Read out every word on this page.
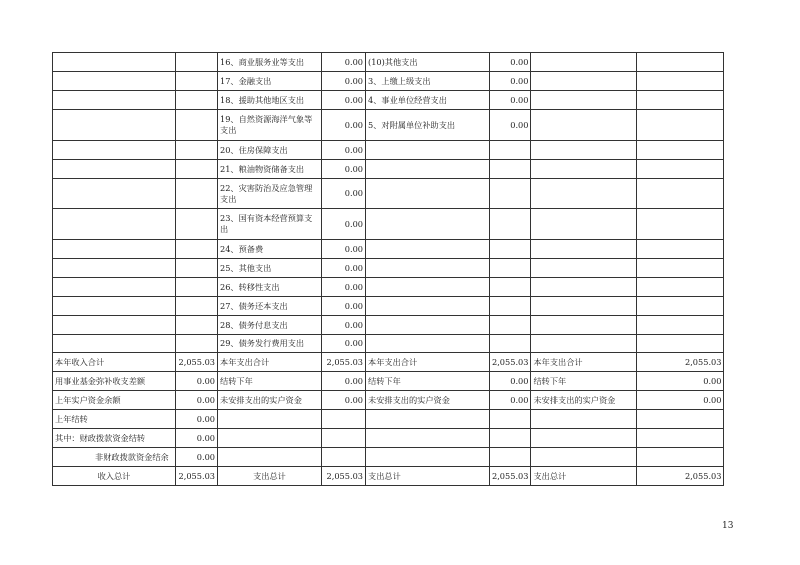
		16、商业服务业等支出	0.00	(10)其他支出	0.00		
		17、金融支出	0.00	3、上缴上级支出	0.00		
		18、援助其他地区支出	0.00	4、事业单位经营支出	0.00		
		19、自然资源海洋气象等支出	0.00	5、对附属单位补助支出	0.00		
		20、住房保障支出	0.00				
		21、粮油物资储备支出	0.00				
		22、灾害防治及应急管理支出	0.00				
		23、国有资本经营预算支出	0.00				
		24、预备费	0.00				
		25、其他支出	0.00				
		26、转移性支出	0.00				
		27、债务还本支出	0.00				
		28、债务付息支出	0.00				
		29、债务发行费用支出	0.00				
本年收入合计	2,055.03	本年支出合计	2,055.03	本年支出合计	2,055.03	本年支出合计	2,055.03
用事业基金弥补收支差额	0.00	结转下年	0.00	结转下年	0.00	结转下年	0.00
上年实户资金余额	0.00	未安排支出的实户资金	0.00	未安排支出的实户资金	0.00	未安排支出的实户资金	0.00
上年结转	0.00						
其中：财政拨款资金结转	0.00						
非财政拨款资金结余	0.00						
收入总计	2,055.03	支出总计	2,055.03	支出总计	2,055.03	支出总计	2,055.03
13
